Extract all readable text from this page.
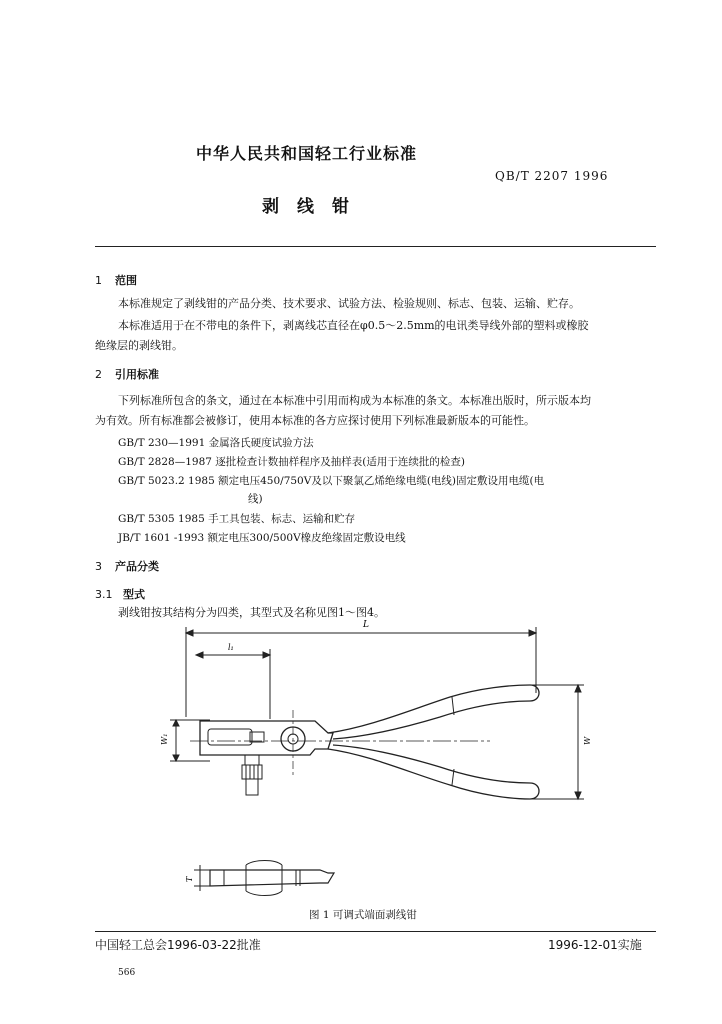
中华人民共和国轻工行业标准
QB/T 2207 1996
剥线钳
1 范围
本标准规定了剥线钳的产品分类、技术要求、试验方法、检验规则、标志、包装、运输、贮存。
本标准适用于在不带电的条件下，剥离线芯直径在φ0.5～2.5mm的电讯类导线外部的塑料或橡胶
绝缘层的剥线钳。
2 引用标准
下列标准所包含的条文，通过在本标准中引用而构成为本标准的条文。本标准出版时，所示版本均
为有效。所有标准都会被修订，使用本标准的各方应探讨使用下列标准最新版本的可能性。
GB/T 230—1991 金属洛氏硬度试验方法
GB/T 2828—1987 逐批检查计数抽样程序及抽样表(适用于连续批的检查)
GB/T 5023.2 1985 额定电压450/750V及以下聚氯乙烯绝缘电缆(电线)固定敷设用电缆(电
线)
GB/T 5305 1985 手工具包装、标志、运输和贮存
JB/T 1601 -1993 额定电压300/500V橡皮绝缘固定敷设电线
3 产品分类
3.1 型式
剥线钳按其结构分为四类，其型式及名称见图1～图4。
L
l₁
W
W₁
T
图 1 可调式端面剥线钳
中国轻工总会1996-03-22批准	1996-12-01实施
566
